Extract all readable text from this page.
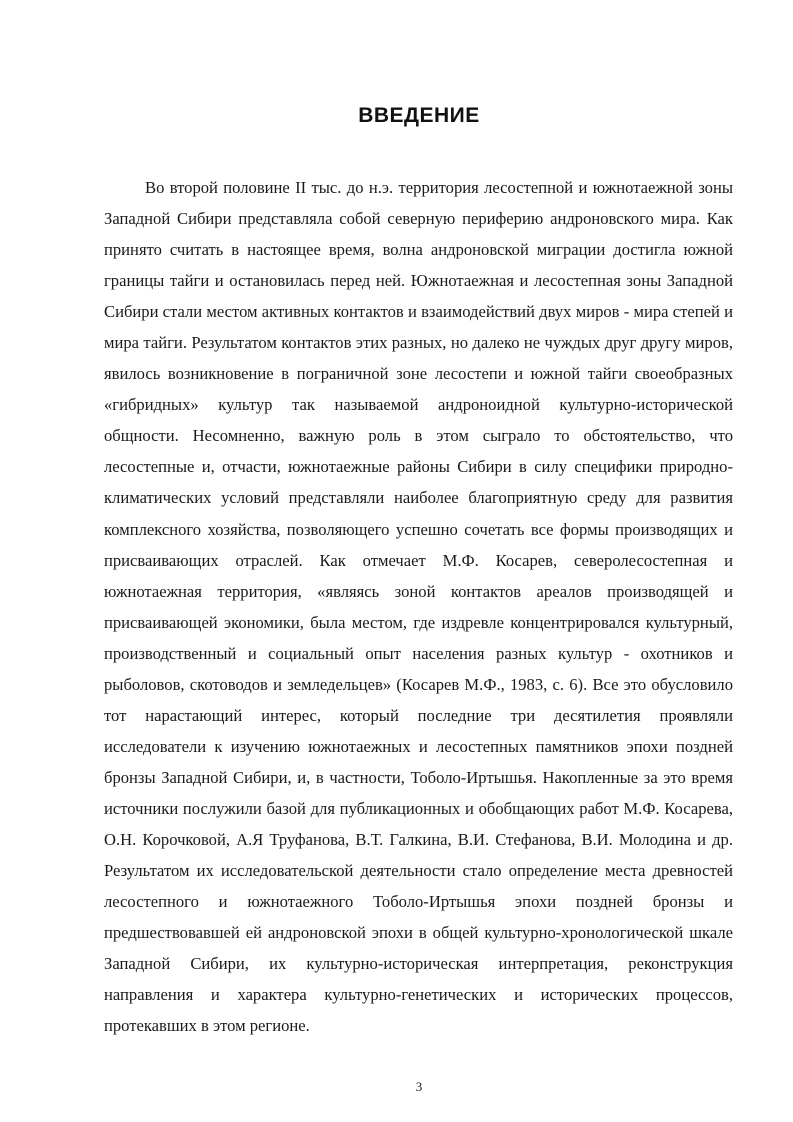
ВВЕДЕНИЕ

Во второй половине II тыс. до н.э. территория лесостепной и южнотаежной зоны Западной Сибири представляла собой северную периферию андроновского мира. Как принято считать в настоящее время, волна андроновской миграции достигла южной границы тайги и остановилась перед ней. Южнотаежная и лесостепная зоны Западной Сибири стали местом активных контактов и взаимодействий двух миров - мира степей и мира тайги. Результатом контактов этих разных, но далеко не чуждых друг другу миров, явилось возникновение в пограничной зоне лесостепи и южной тайги своеобразных «гибридных» культур так называемой андроноидной культурно-исторической общности. Несомненно, важную роль в этом сыграло то обстоятельство, что лесостепные и, отчасти, южнотаежные районы Сибири в силу специфики природно-климатических условий представляли наиболее благоприятную среду для развития комплексного хозяйства, позволяющего успешно сочетать все формы производящих и присваивающих отраслей. Как отмечает М.Ф. Косарев, северолесостепная и южнотаежная территория, «являясь зоной контактов ареалов производящей и присваивающей экономики, была местом, где издревле концентрировался культурный, производственный и социальный опыт населения разных культур - охотников и рыболовов, скотоводов и земледельцев» (Косарев М.Ф., 1983, с. 6). Все это обусловило тот нарастающий интерес, который последние три десятилетия проявляли исследователи к изучению южнотаежных и лесостепных памятников эпохи поздней бронзы Западной Сибири, и, в частности, Тоболо-Иртышья. Накопленные за это время источники послужили базой для публикационных и обобщающих работ М.Ф. Косарева, О.Н. Корочковой, А.Я Труфанова, В.Т. Галкина, В.И. Стефанова, В.И. Молодина и др. Результатом их исследовательской деятельности стало определение места древностей лесостепного и южнотаежного Тоболо-Иртышья эпохи поздней бронзы и предшествовавшей ей андроновской эпохи в общей культурно-хронологической шкале Западной Сибири, их культурно-историческая интерпретация, реконструкция направления и характера культурно-генетических и исторических процессов, протекавших в этом регионе.

3
